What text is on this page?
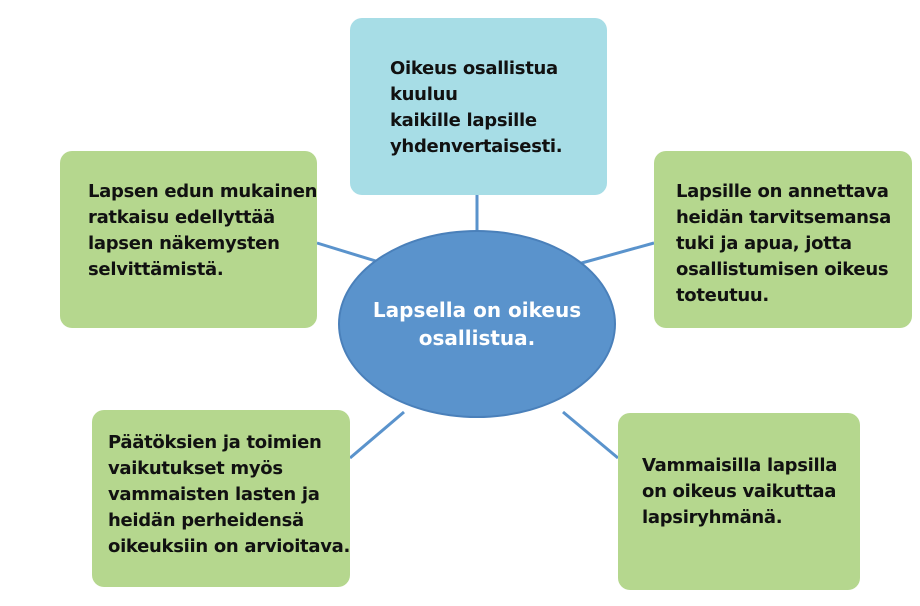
Oikeus osallistua
kuuluu
kaikille lapsille
yhdenvertaisesti.
Lapsen edun mukainen
ratkaisu edellyttää
lapsen näkemysten
selvittämistä.
Lapsille on annettava
heidän tarvitsemansa
tuki ja apua, jotta
osallistumisen oikeus
toteutuu.
Päätöksien ja toimien
vaikutukset myös
vammaisten lasten ja
heidän perheidensä
oikeuksiin on arvioitava.
Vammaisilla lapsilla
on oikeus vaikuttaa
lapsiryhmänä.
Lapsella on oikeus
osallistua.
